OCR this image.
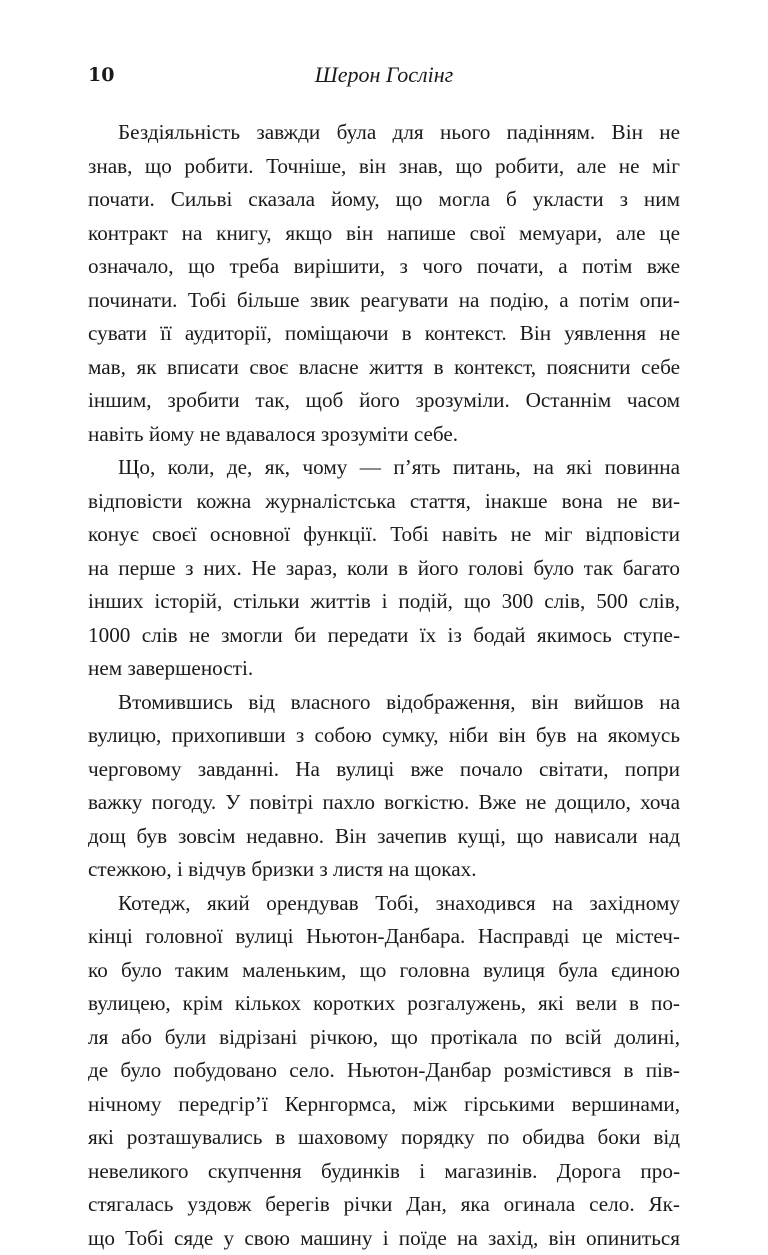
10	Шерон Гослінг
Бездіяльність завжди була для нього падінням. Він не
знав, що робити. Точніше, він знав, що робити, але не міг
почати. Сильві сказала йому, що могла б укласти з ним
контракт на книгу, якщо він напише свої мемуари, але це
означало, що треба вирішити, з чого почати, а потім вже
починати. Тобі більше звик реагувати на подію, а потім опи-
сувати її аудиторії, поміщаючи в контекст. Він уявлення не
мав, як вписати своє власне життя в контекст, пояснити себе
іншим, зробити так, щоб його зрозуміли. Останнім часом
навіть йому не вдавалося зрозуміти себе.
Що, коли, де, як, чому — п’ять питань, на які повинна
відповісти кожна журналістська стаття, інакше вона не ви-
конує своєї основної функції. Тобі навіть не міг відповісти
на перше з них. Не зараз, коли в його голові було так багато
інших історій, стільки життів і подій, що 300 слів, 500 слів,
1000 слів не змогли би передати їх із бодай якимось ступе-
нем завершеності.
Втомившись від власного відображення, він вийшов на
вулицю, прихопивши з собою сумку, ніби він був на якомусь
черговому завданні. На вулиці вже почало світати, попри
важку погоду. У повітрі пахло вогкістю. Вже не дощило, хоча
дощ був зовсім недавно. Він зачепив кущі, що нависали над
стежкою, і відчув бризки з листя на щоках.
Котедж, який орендував Тобі, знаходився на західному
кінці головної вулиці Ньютон-Данбара. Насправді це містеч-
ко було таким маленьким, що головна вулиця була єдиною
вулицею, крім кількох коротких розгалужень, які вели в по-
ля або були відрізані річкою, що протікала по всій долині,
де було побудовано село. Ньютон-Данбар розмістився в пів-
нічному передгір’ї Кернгормса, між гірськими вершинами,
які розташувались в шаховому порядку по обидва боки від
невеликого скупчення будинків і магазинів. Дорога про-
стягалась уздовж берегів річки Дан, яка огинала село. Як-
що Тобі сяде у свою машину і поїде на захід, він опиниться
